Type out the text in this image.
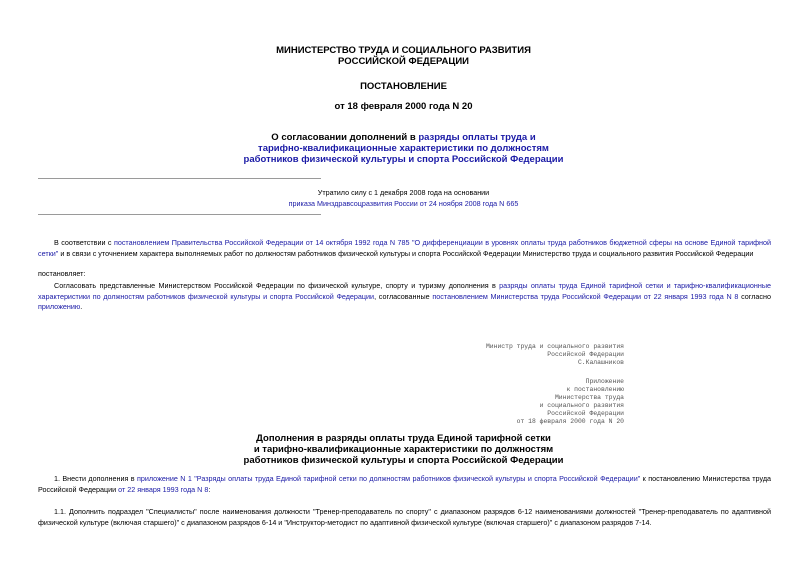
МИНИСТЕРСТВО ТРУДА И СОЦИАЛЬНОГО РАЗВИТИЯ
РОССИЙСКОЙ ФЕДЕРАЦИИ
ПОСТАНОВЛЕНИЕ
от 18 февраля 2000 года N 20
О согласовании дополнений в разряды оплаты труда и
тарифно-квалификационные характеристики по должностям
работников физической культуры и спорта Российской Федерации
Утратило силу с 1 декабря 2008 года на основании
приказа Минздравсоцразвития России от 24 ноября 2008 года N 665
В соответствии с постановлением Правительства Российской Федерации от 14 октября 1992 года N 785 "О дифференциации в уровнях оплаты труда работников бюджетной сферы на основе Единой тарифной сетки" и в связи с уточнением характера выполняемых работ по должностям работников физической культуры и спорта Российской Федерации Министерство труда и социального развития Российской Федерации
постановляет:
Согласовать представленные Министерством Российской Федерации по физической культуре, спорту и туризму дополнения в разряды оплаты труда Единой тарифной сетки и тарифно-квалификационные характеристики по должностям работников физической культуры и спорта Российской Федерации, согласованные постановлением Министерства труда Российской Федерации от 22 января 1993 года N 8 согласно приложению.
Министр труда и социального развития
Российской Федерации
С.Калашников
Приложение
к постановлению
Министерства труда
и социального развития
Российской Федерации
от 18 февраля 2000 года N 20
Дополнения в разряды оплаты труда Единой тарифной сетки
и тарифно-квалификационные характеристики по должностям
работников физической культуры и спорта Российской Федерации
1. Внести дополнения в приложение N 1 "Разряды оплаты труда Единой тарифной сетки по должностям работников физической культуры и спорта Российской Федерации" к постановлению Министерства труда Российской Федерации от 22 января 1993 года N 8:
1.1. Дополнить подраздел "Специалисты" после наименования должности "Тренер-преподаватель по спорту" с диапазоном разрядов 6-12 наименованиями должностей "Тренер-преподаватель по адаптивной физической культуре (включая старшего)" с диапазоном разрядов 6-14 и "Инструктор-методист по адаптивной физической культуре (включая старшего)" с диапазоном разрядов 7-14.
